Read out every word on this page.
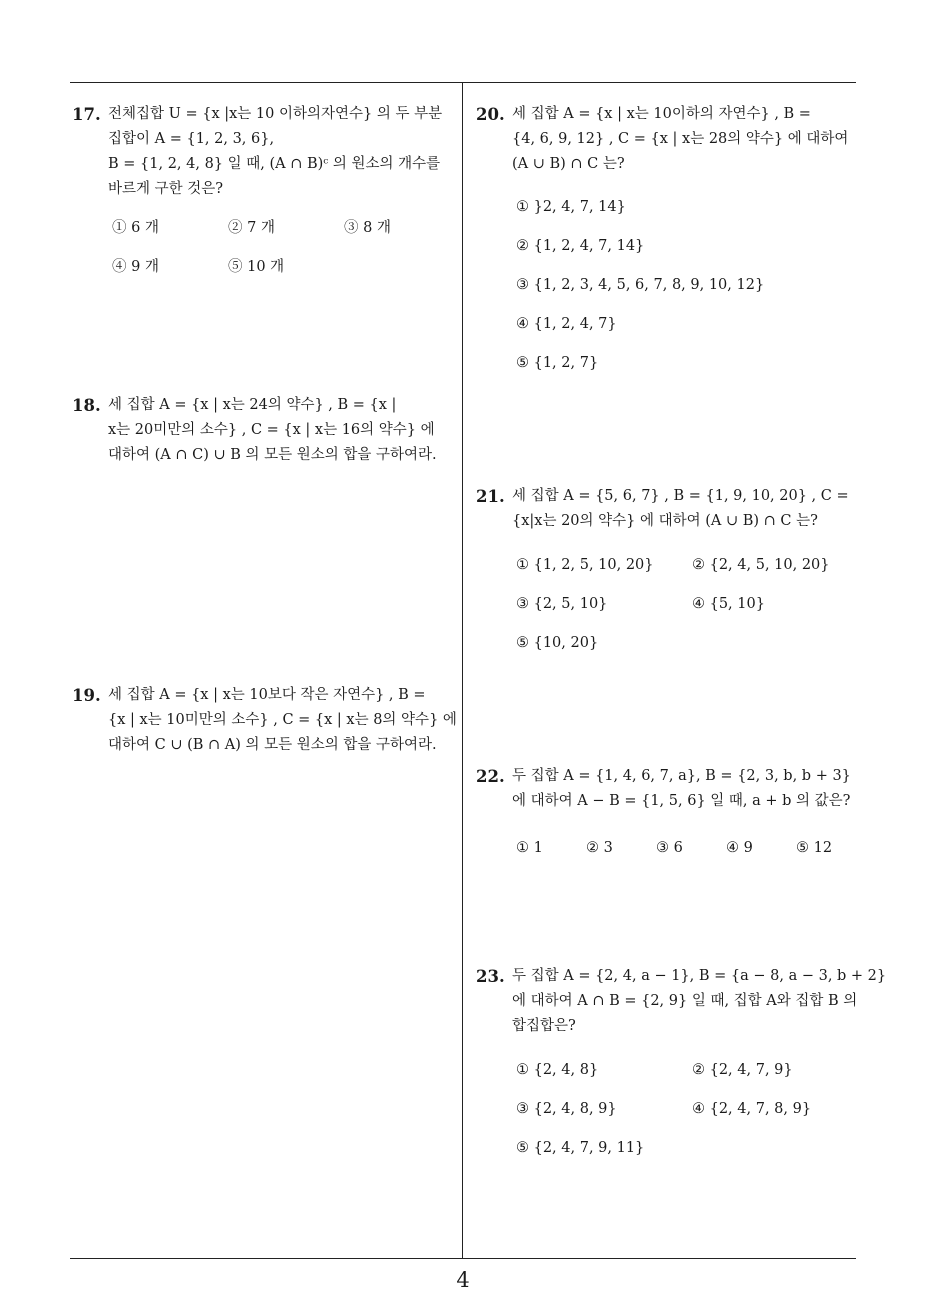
17. 전체집합 U = {x |x는 10 이하의자연수} 의 두 부분
집합이 A = {1, 2, 3, 6},
B = {1, 2, 4, 8} 일 때, (A ∩ B)ᶜ 의 원소의 개수를
바르게 구한 것은?
① 6 개	② 7 개	③ 8 개
④ 9 개	⑤ 10 개
18. 세 집합 A = {x | x는 24의 약수} , B = {x |
x는 20미만의 소수} , C = {x | x는 16의 약수} 에
대하여 (A ∩ C) ∪ B 의 모든 원소의 합을 구하여라.
19. 세 집합 A = {x | x는 10보다 작은 자연수} , B =
{x | x는 10미만의 소수} , C = {x | x는 8의 약수} 에
대하여 C ∪ (B ∩ A) 의 모든 원소의 합을 구하여라.
20. 세 집합 A = {x | x는 10이하의 자연수} , B =
{4, 6, 9, 12} , C = {x | x는 28의 약수} 에 대하여
(A ∪ B) ∩ C 는?
① }2, 4, 7, 14}
② {1, 2, 4, 7, 14}
③ {1, 2, 3, 4, 5, 6, 7, 8, 9, 10, 12}
④ {1, 2, 4, 7}
⑤ {1, 2, 7}
21. 세 집합 A = {5, 6, 7} , B = {1, 9, 10, 20} , C =
{x|x는 20의 약수} 에 대하여 (A ∪ B) ∩ C 는?
① {1, 2, 5, 10, 20}	② {2, 4, 5, 10, 20}
③ {2, 5, 10}	④ {5, 10}
⑤ {10, 20}
22. 두 집합 A = {1, 4, 6, 7, a}, B = {2, 3, b, b + 3}
에 대하여 A − B = {1, 5, 6} 일 때, a + b 의 값은?
① 1	② 3	③ 6	④ 9	⑤ 12
23. 두 집합 A = {2, 4, a − 1}, B = {a − 8, a − 3, b + 2}
에 대하여 A ∩ B = {2, 9} 일 때, 집합 A와 집합 B 의
합집합은?
① {2, 4, 8}	② {2, 4, 7, 9}
③ {2, 4, 8, 9}	④ {2, 4, 7, 8, 9}
⑤ {2, 4, 7, 9, 11}
4
